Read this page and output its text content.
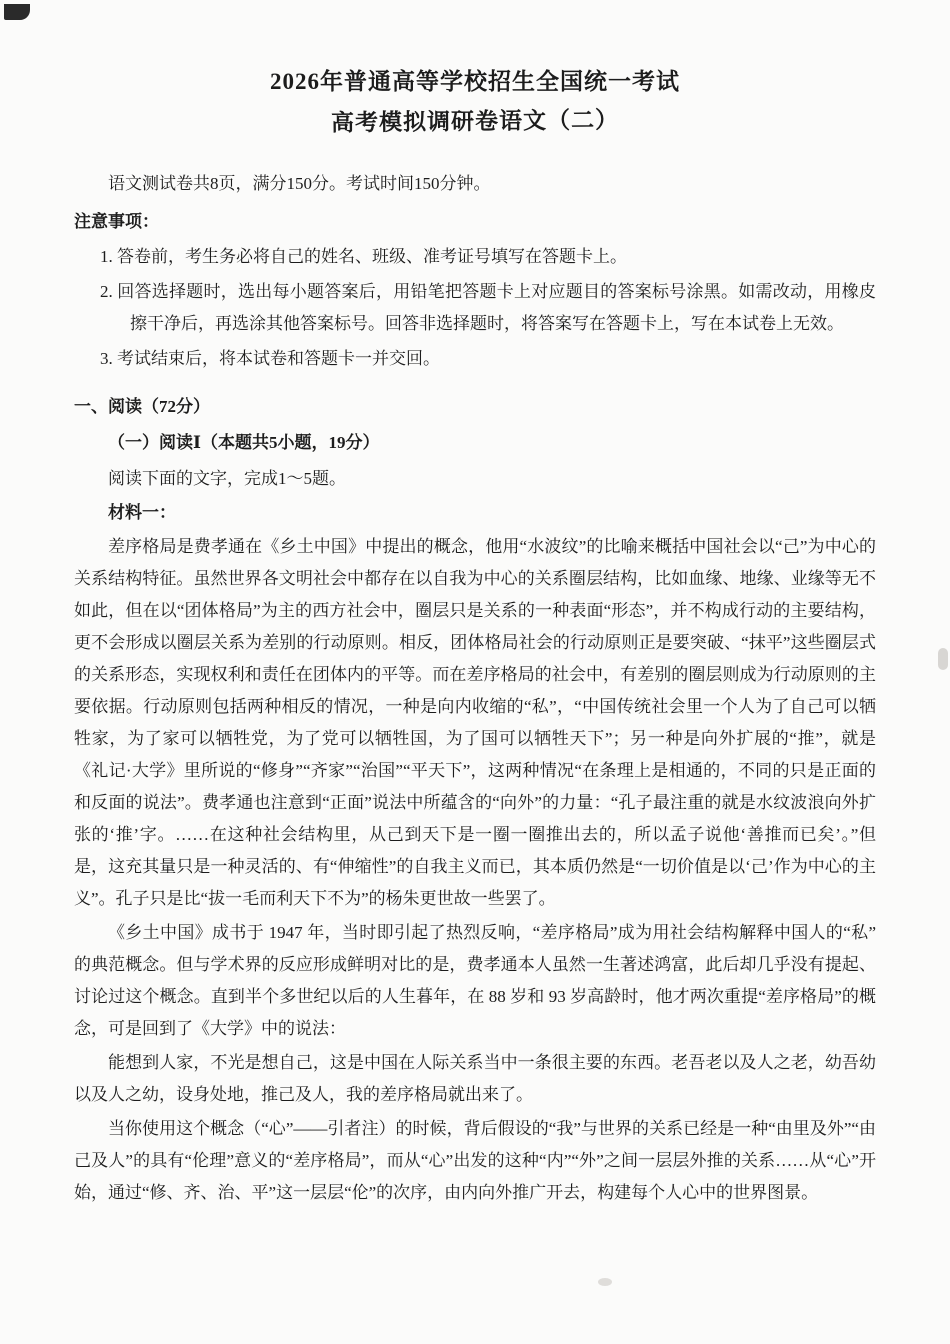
2026年普通高等学校招生全国统一考试
高考模拟调研卷语文（二）
语文测试卷共8页，满分150分。考试时间150分钟。
注意事项：
1. 答卷前，考生务必将自己的姓名、班级、准考证号填写在答题卡上。
2. 回答选择题时，选出每小题答案后，用铅笔把答题卡上对应题目的答案标号涂黑。如需改动，用橡皮擦干净后，再选涂其他答案标号。回答非选择题时，将答案写在答题卡上，写在本试卷上无效。
3. 考试结束后，将本试卷和答题卡一并交回。
一、阅读（72分）
（一）阅读Ⅰ（本题共5小题，19分）
阅读下面的文字，完成1～5题。
材料一：

差序格局是费孝通在《乡土中国》中提出的概念，他用“水波纹”的比喻来概括中国社会以“己”为中心的关系结构特征。虽然世界各文明社会中都存在以自我为中心的关系圈层结构，比如血缘、地缘、业缘等无不如此，但在以“团体格局”为主的西方社会中，圈层只是关系的一种表面“形态”，并不构成行动的主要结构，更不会形成以圈层关系为差别的行动原则。相反，团体格局社会的行动原则正是要突破、“抹平”这些圈层式的关系形态，实现权利和责任在团体内的平等。而在差序格局的社会中，有差别的圈层则成为行动原则的主要依据。行动原则包括两种相反的情况，一种是向内收缩的“私”，“中国传统社会里一个人为了自己可以牺牲家，为了家可以牺牲党，为了党可以牺牲国，为了国可以牺牲天下”；另一种是向外扩展的“推”，就是《礼记·大学》里所说的“修身”“齐家”“治国”“平天下”，这两种情况“在条理上是相通的，不同的只是正面的和反面的说法”。费孝通也注意到“正面”说法中所蕴含的“向外”的力量：“孔子最注重的就是水纹波浪向外扩张的‘推’字。……在这种社会结构里，从己到天下是一圈一圈推出去的，所以孟子说他‘善推而已矣’。”但是，这充其量只是一种灵活的、有“伸缩性”的自我主义而已，其本质仍然是“一切价值是以‘己’作为中心的主义”。孔子只是比“拔一毛而利天下不为”的杨朱更世故一些罢了。

《乡土中国》成书于 1947 年，当时即引起了热烈反响，“差序格局”成为用社会结构解释中国人的“私”的典范概念。但与学术界的反应形成鲜明对比的是，费孝通本人虽然一生著述鸿富，此后却几乎没有提起、讨论过这个概念。直到半个多世纪以后的人生暮年，在 88 岁和 93 岁高龄时，他才两次重提“差序格局”的概念，可是回到了《大学》中的说法：

能想到人家，不光是想自己，这是中国在人际关系当中一条很主要的东西。老吾老以及人之老，幼吾幼以及人之幼，设身处地，推己及人，我的差序格局就出来了。

当你使用这个概念（“心”——引者注）的时候，背后假设的“我”与世界的关系已经是一种“由里及外”“由己及人”的具有“伦理”意义的“差序格局”，而从“心”出发的这种“内”“外”之间一层层外推的关系……从“心”开始，通过“修、齐、治、平”这一层层“伦”的次序，由内向外推广开去，构建每个人心中的世界图景。
